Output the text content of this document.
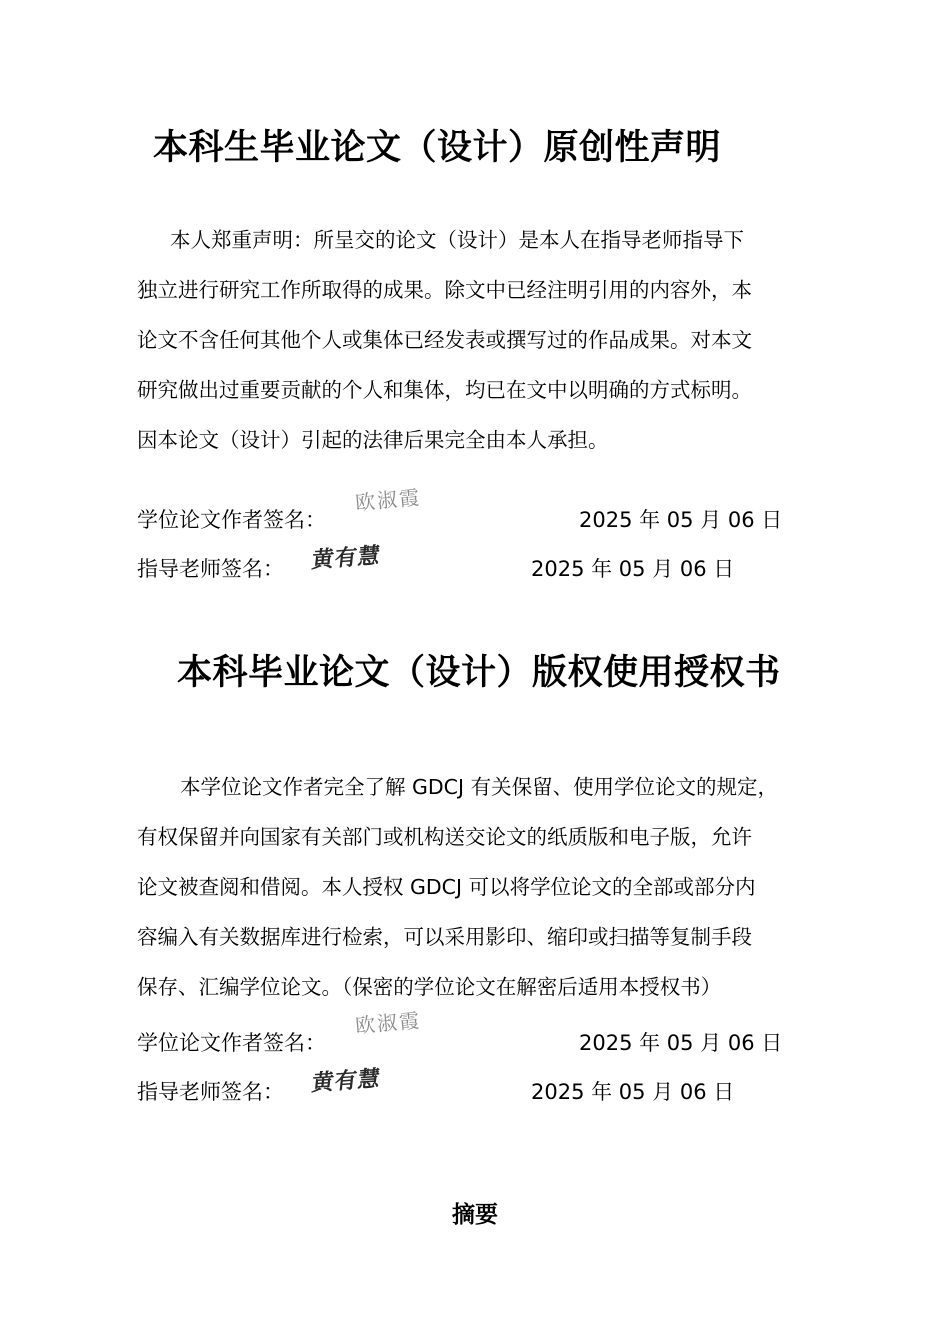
本科生毕业论文（设计）原创性声明
本人郑重声明：所呈交的论文（设计）是本人在指导老师指导下
独立进行研究工作所取得的成果。除文中已经注明引用的内容外，本
论文不含任何其他个人或集体已经发表或撰写过的作品成果。对本文
研究做出过重要贡献的个人和集体，均已在文中以明确的方式标明。
因本论文（设计）引起的法律后果完全由本人承担。
学位论文作者签名：
欧淑霞
2025 年 05 月 06 日
指导老师签名： 黄有慧	2025 年 05 月 06 日
本科毕业论文（设计）版权使用授权书
本学位论文作者完全了解 GDCJ 有关保留、使用学位论文的规定，
有权保留并向国家有关部门或机构送交论文的纸质版和电子版，允许
论文被查阅和借阅。本人授权 GDCJ 可以将学位论文的全部或部分内
容编入有关数据库进行检索，可以采用影印、缩印或扫描等复制手段
保存、汇编学位论文。（保密的学位论文在解密后适用本授权书）
学位论文作者签名：
欧淑霞
2025 年 05 月 06 日
指导老师签名： 黄有慧	2025 年 05 月 06 日
摘要
